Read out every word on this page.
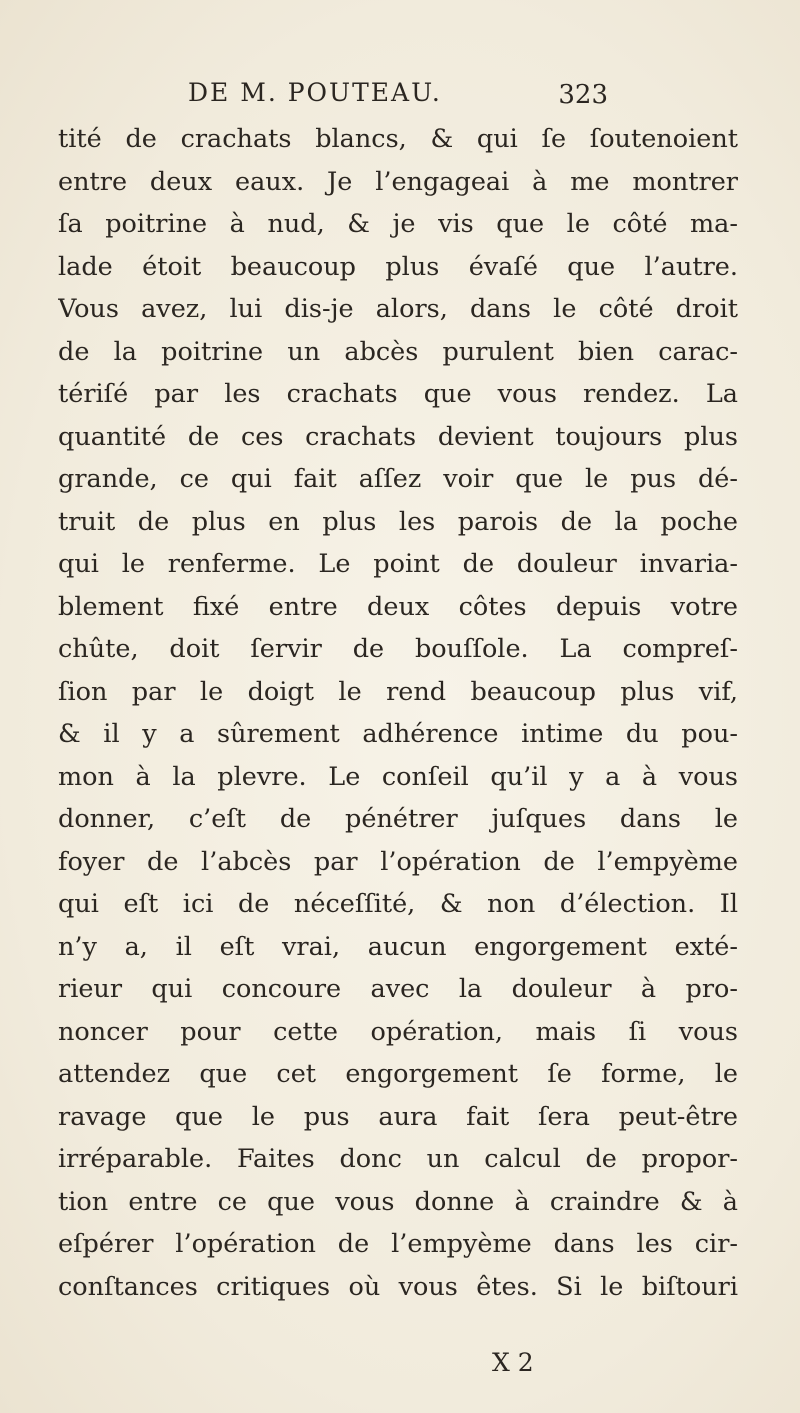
DE M. POUTEAU.	323
tité de crachats blancs, & qui ſe ſoutenoient
entre deux eaux. Je l’engageai à me montrer
ſa poitrine à nud, & je vis que le côté ma-
lade étoit beaucoup plus évaſé que l’autre.
Vous avez, lui dis-je alors, dans le côté droit
de la poitrine un abcès purulent bien carac-
tériſé par les crachats que vous rendez. La
quantité de ces crachats devient toujours plus
grande, ce qui fait aſſez voir que le pus dé-
truit de plus en plus les parois de la poche
qui le renferme. Le point de douleur invaria-
blement fixé entre deux côtes depuis votre
chûte, doit ſervir de bouſſole. La compreſ-
ſion par le doigt le rend beaucoup plus vif,
& il y a sûrement adhérence intime du pou-
mon à la plevre. Le conſeil qu’il y a à vous
donner, c’eſt de pénétrer juſques dans le
foyer de l’abcès par l’opération de l’empyème
qui eſt ici de néceſſité, & non d’élection. Il
n’y a, il eſt vrai, aucun engorgement exté-
rieur qui concoure avec la douleur à pro-
noncer pour cette opération, mais ſi vous
attendez que cet engorgement ſe forme, le
ravage que le pus aura fait ſera peut-être
irréparable. Faites donc un calcul de propor-
tion entre ce que vous donne à craindre & à
eſpérer l’opération de l’empyème dans les cir-
conſtances critiques où vous êtes. Si le biſtouri
X 2
